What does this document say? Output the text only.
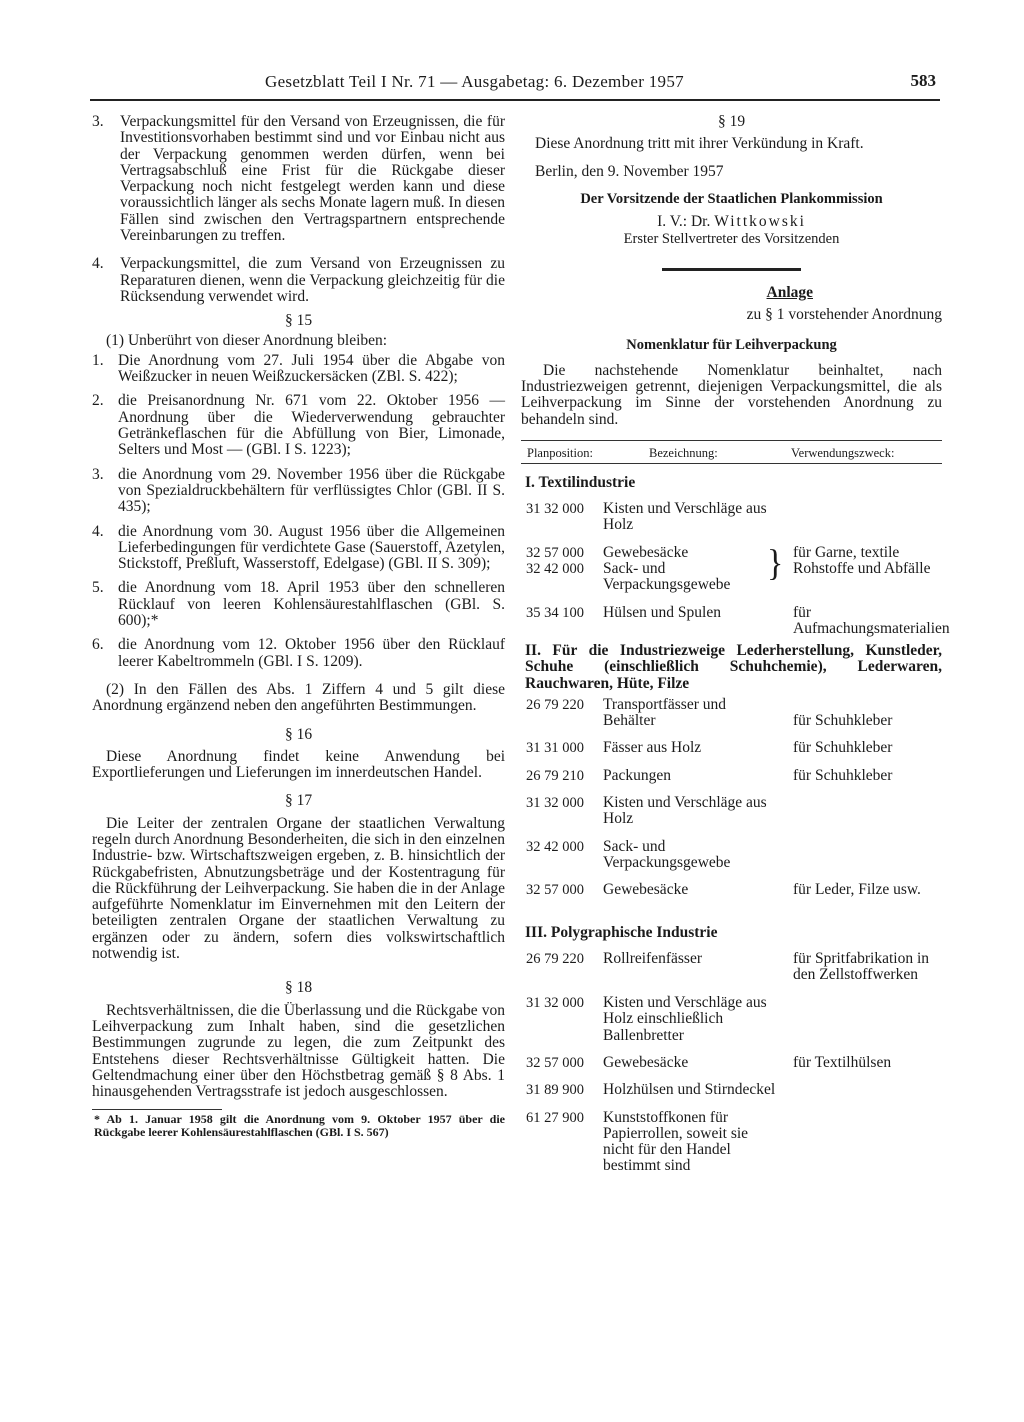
Gesetzblatt Teil I Nr. 71 — Ausgabetag: 6. Dezember 1957	583
3. Verpackungsmittel für den Versand von Erzeugnissen, die für Investitionsvorhaben bestimmt sind und vor Einbau nicht aus der Verpackung genommen werden dürfen, wenn bei Vertragsabschluß eine Frist für die Rückgabe dieser Verpackung noch nicht festgelegt werden kann und diese voraussichtlich länger als sechs Monate lagern muß. In diesen Fällen sind zwischen den Vertragspartnern entsprechende Vereinbarungen zu treffen.
4. Verpackungsmittel, die zum Versand von Erzeugnissen zu Reparaturen dienen, wenn die Verpackung gleichzeitig für die Rücksendung verwendet wird.
§ 15
(1) Unberührt von dieser Anordnung bleiben:
1. Die Anordnung vom 27. Juli 1954 über die Abgabe von Weißzucker in neuen Weißzuckersäcken (ZBl. S. 422);
2. die Preisanordnung Nr. 671 vom 22. Oktober 1956 — Anordnung über die Wiederverwendung gebrauchter Getränkeflaschen für die Abfüllung von Bier, Limonade, Selters und Most — (GBl. I S. 1223);
3. die Anordnung vom 29. November 1956 über die Rückgabe von Spezialdruckbehältern für verflüssigtes Chlor (GBl. II S. 435);
4. die Anordnung vom 30. August 1956 über die Allgemeinen Lieferbedingungen für verdichtete Gase (Sauerstoff, Azetylen, Stickstoff, Preßluft, Wasserstoff, Edelgase) (GBl. II S. 309);
5. die Anordnung vom 18. April 1953 über den schnelleren Rücklauf von leeren Kohlensäurestahlflaschen (GBl. S. 600);*
6. die Anordnung vom 12. Oktober 1956 über den Rücklauf leerer Kabeltrommeln (GBl. I S. 1209).
(2) In den Fällen des Abs. 1 Ziffern 4 und 5 gilt diese Anordnung ergänzend neben den angeführten Bestimmungen.
§ 16
Diese Anordnung findet keine Anwendung bei Exportlieferungen und Lieferungen im innerdeutschen Handel.
§ 17
Die Leiter der zentralen Organe der staatlichen Verwaltung regeln durch Anordnung Besonderheiten, die sich in den einzelnen Industrie- bzw. Wirtschaftszweigen ergeben, z. B. hinsichtlich der Rückgabefristen, Abnutzungsbeträge und der Kostentragung für die Rückführung der Leihverpackung. Sie haben die in der Anlage aufgeführte Nomenklatur im Einvernehmen mit den Leitern der beteiligten zentralen Organe der staatlichen Verwaltung zu ergänzen oder zu ändern, sofern dies volkswirtschaftlich notwendig ist.
§ 18
Rechtsverhältnissen, die die Überlassung und die Rückgabe von Leihverpackung zum Inhalt haben, sind die gesetzlichen Bestimmungen zugrunde zu legen, die zum Zeitpunkt des Entstehens dieser Rechtsverhältnisse Gültigkeit hatten. Die Geltendmachung einer über den Höchstbetrag gemäß § 8 Abs. 1 hinausgehenden Vertragsstrafe ist jedoch ausgeschlossen.
* Ab 1. Januar 1958 gilt die Anordnung vom 9. Oktober 1957 über die Rückgabe leerer Kohlensäurestahlflaschen (GBl. I S. 567)
§ 19
Diese Anordnung tritt mit ihrer Verkündung in Kraft.
Berlin, den 9. November 1957
Der Vorsitzende der Staatlichen Plankommission
I. V.: Dr. Wittkowski
Erster Stellvertreter des Vorsitzenden
Anlage
zu § 1 vorstehender Anordnung
Nomenklatur für Leihverpackung
Die nachstehende Nomenklatur beinhaltet, nach Industriezweigen getrennt, diejenigen Verpackungsmittel, die als Leihverpackung im Sinne der vorstehenden Anordnung zu behandeln sind.
Planposition:	Bezeichnung:	Verwendungszweck:
I. Textilindustrie
31 32 000	Kisten und Verschläge aus Holz
32 57 000	Gewebesäcke
32 42 000	Sack- und Verpackungsgewebe
} für Garne, textile Rohstoffe und Abfälle
35 34 100	Hülsen und Spulen	für Aufmachungsmaterialien
II. Für die Industriezweige Lederherstellung, Kunstleder, Schuhe (einschließlich Schuhchemie), Lederwaren, Rauchwaren, Hüte, Filze
26 79 220	Transportfässer und Behälter	für Schuhkleber
31 31 000	Fässer aus Holz	für Schuhkleber
26 79 210	Packungen	für Schuhkleber
31 32 000	Kisten und Verschläge aus Holz
32 42 000	Sack- und Verpackungsgewebe
32 57 000	Gewebesäcke	für Leder, Filze usw.
III. Polygraphische Industrie
26 79 220	Rollreifenfässer	für Spritfabrikation in den Zellstoffwerken
31 32 000	Kisten und Verschläge aus Holz einschließlich Ballenbretter
32 57 000	Gewebesäcke	für Textilhülsen
31 89 900	Holzhülsen und Stirndeckel
61 27 900	Kunststoffkonen für Papierrollen, soweit sie nicht für den Handel bestimmt sind
